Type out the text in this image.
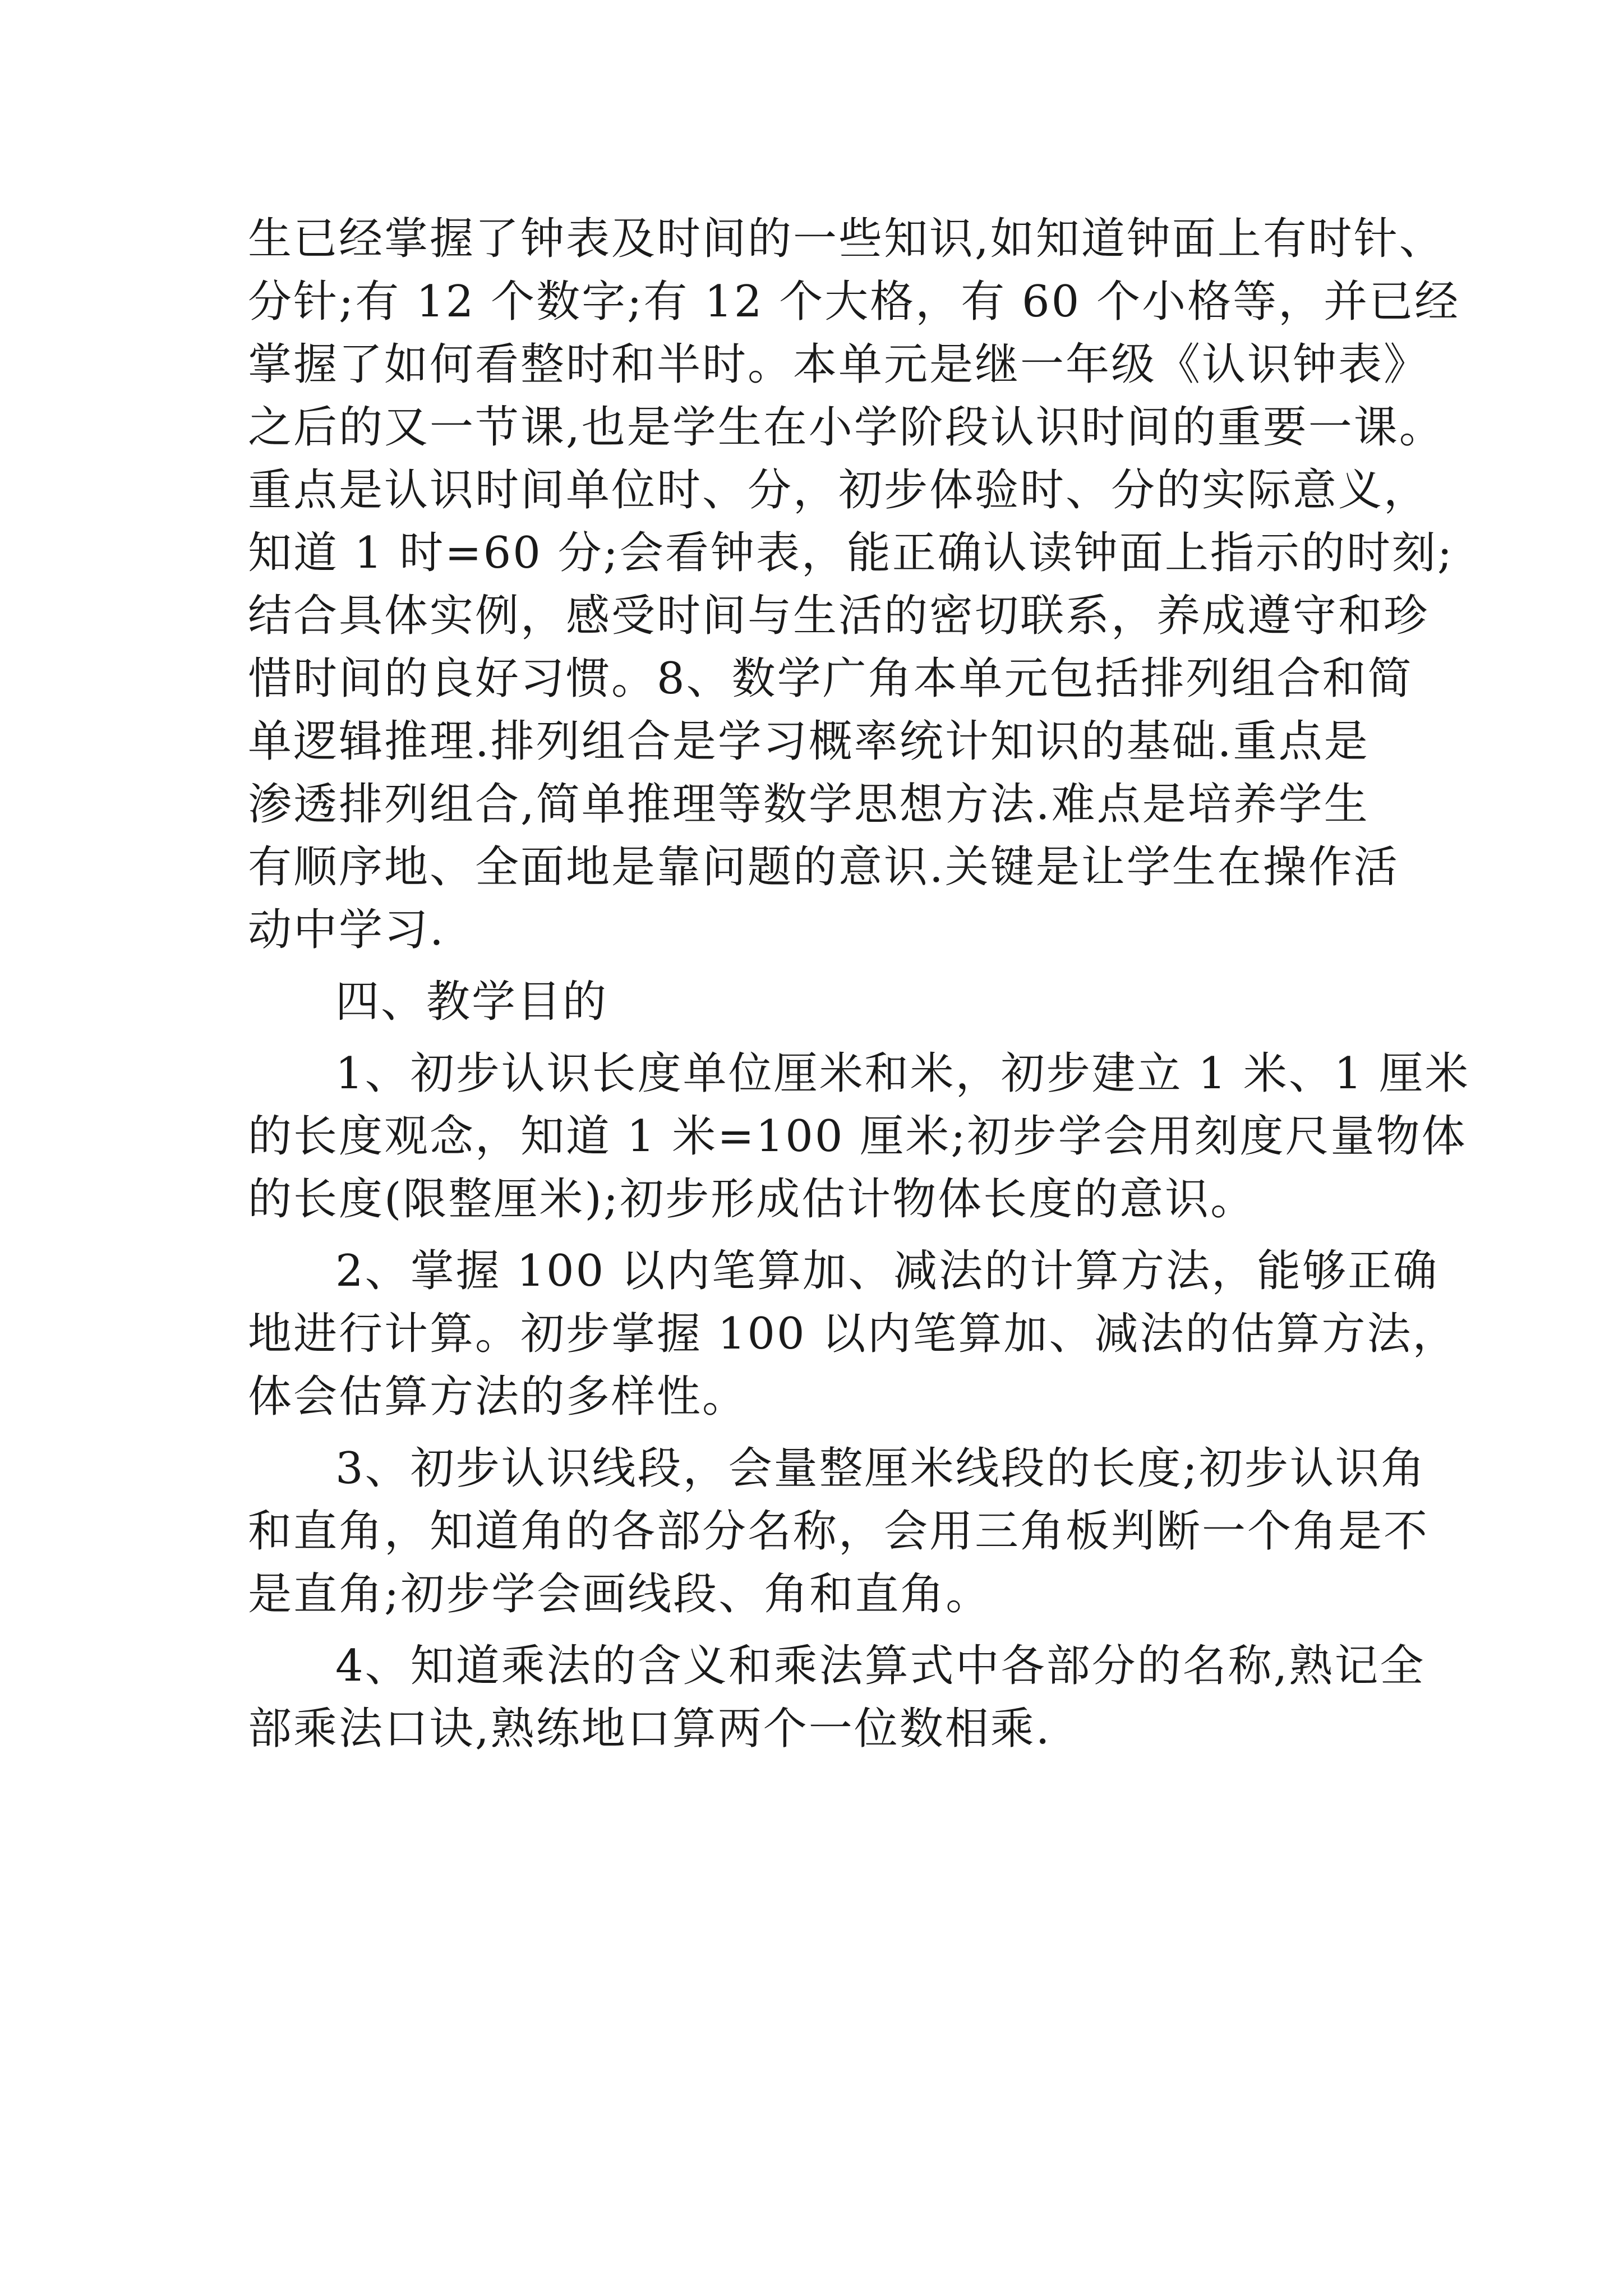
生已经掌握了钟表及时间的一些知识,如知道钟面上有时针、
分针;有 12 个数字;有 12 个大格，有 60 个小格等，并已经
掌握了如何看整时和半时。本单元是继一年级《认识钟表》
之后的又一节课,也是学生在小学阶段认识时间的重要一课。
重点是认识时间单位时、分，初步体验时、分的实际意义，
知道 1 时=60 分;会看钟表，能正确认读钟面上指示的时刻;
结合具体实例，感受时间与生活的密切联系，养成遵守和珍
惜时间的良好习惯。8、数学广角本单元包括排列组合和简
单逻辑推理.排列组合是学习概率统计知识的基础.重点是
渗透排列组合,简单推理等数学思想方法.难点是培养学生
有顺序地、全面地是靠问题的意识.关键是让学生在操作活
动中学习.
四、教学目的
1、初步认识长度单位厘米和米，初步建立 1 米、1 厘米
的长度观念，知道 1 米=100 厘米;初步学会用刻度尺量物体
的长度(限整厘米);初步形成估计物体长度的意识。
2、掌握 100 以内笔算加、减法的计算方法，能够正确
地进行计算。初步掌握 100 以内笔算加、减法的估算方法，
体会估算方法的多样性。
3、初步认识线段，会量整厘米线段的长度;初步认识角
和直角，知道角的各部分名称，会用三角板判断一个角是不
是直角;初步学会画线段、角和直角。
4、知道乘法的含义和乘法算式中各部分的名称,熟记全
部乘法口诀,熟练地口算两个一位数相乘.
